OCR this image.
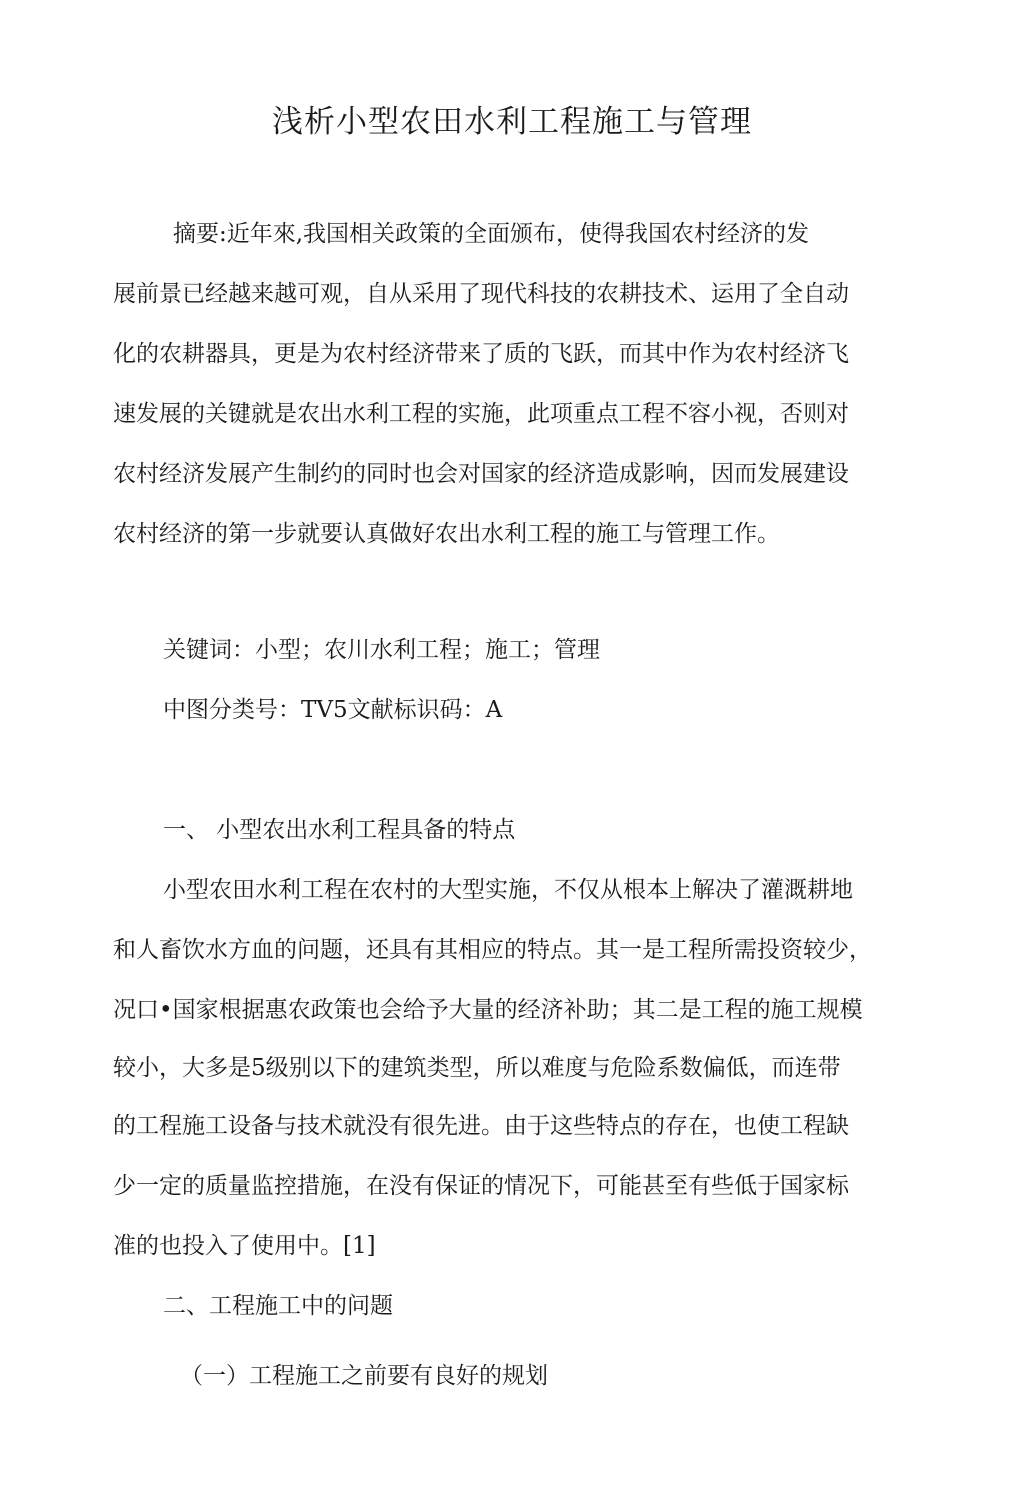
浅析小型农田水利工程施工与管理
摘要:近年來,我国相关政策的全面颁布，使得我国农村经济的发
展前景已经越来越可观，自从采用了现代科技的农耕技术、运用了全自动
化的农耕器具，更是为农村经济带来了质的飞跃，而其中作为农村经济飞
速发展的关键就是农出水利工程的实施，此项重点工程不容小视，否则对
农村经济发展产生制约的同时也会对国家的经济造成影响，因而发展建设
农村经济的第一步就要认真做好农出水利工程的施工与管理工作。
关键词：小型；农川水利工程；施工；管理
中图分类号：TV5文献标识码：A
一、 小型农出水利工程具备的特点
小型农田水利工程在农村的大型实施，不仅从根本上解决了灌溉耕地
和人畜饮水方血的问题，还具有其相应的特点。其一是工程所需投资较少，
况口•国家根据惠农政策也会给予大量的经济补助；其二是工程的施工规模
较小，大多是5级别以下的建筑类型，所以难度与危险系数偏低，而连带
的工程施工设备与技术就没有很先进。由于这些特点的存在，也使工程缺
少一定的质量监控措施，在没有保证的情况下，可能甚至有些低于国家标
准的也投入了使用中。[1]
二、工程施工中的问题
（一）工程施工之前要有良好的规划
